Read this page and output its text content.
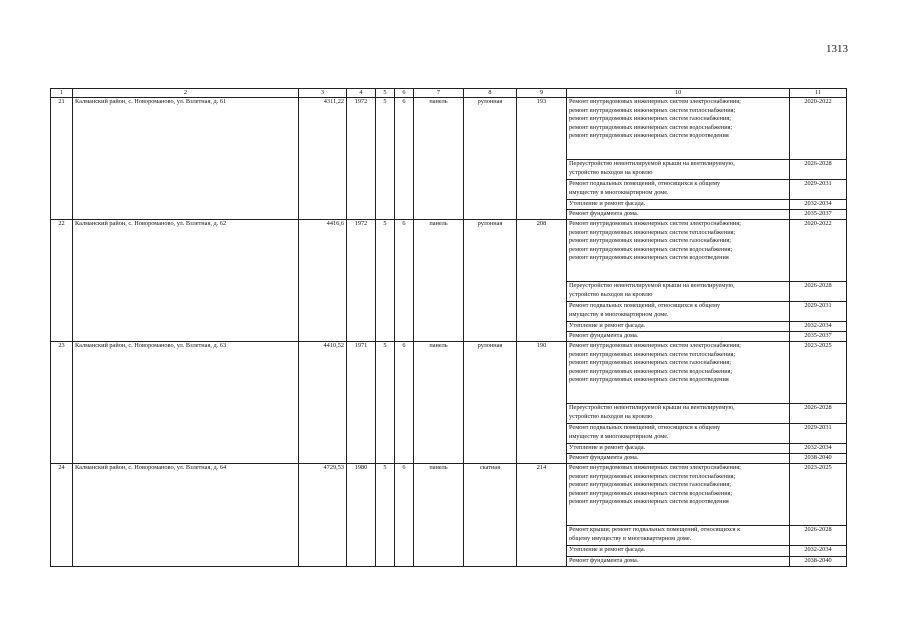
1313
1	2	3	4	5	6	7	8	9	10	11
21	Калманский район, с. Новороманово, ул. Взлетная, д. 61	4311,22	1972	5	6	панель	рулонная	193	Ремонт внутридомовых инженерных систем электроснабжения;
ремонт внутридомовых инженерных систем теплоснабжения;
ремонт внутридомовых инженерных систем газоснабжения;
ремонт внутридомовых инженерных систем водоснабжения;
ремонт внутридомовых инженерных систем водоотведения	2020-2022
									Переустройство невентилируемой крыши на вентилируемую,
устройство выходов на кровлю	2026-2028
									Ремонт подвальных помещений, относящихся к общему
имуществу в многоквартирном доме.	2029-2031
									Утепление и ремонт фасада.	2032-2034
									Ремонт фундамента дома.	2035-2037
22	Калманский район, с. Новороманово, ул. Взлетная, д. 62	4416,6	1972	5	6	панель	рулонная	208	Ремонт внутридомовых инженерных систем электроснабжения;
ремонт внутридомовых инженерных систем теплоснабжения;
ремонт внутридомовых инженерных систем газоснабжения;
ремонт внутридомовых инженерных систем водоснабжения;
ремонт внутридомовых инженерных систем водоотведения	2020-2022
									Переустройство невентилируемой крыши на вентилируемую,
устройство выходов на кровлю	2026-2028
									Ремонт подвальных помещений, относящихся к общему
имуществу в многоквартирном доме.	2029-2031
									Утепление и ремонт фасада.	2032-2034
									Ремонт фундамента дома.	2035-2037
23	Калманский район, с. Новороманово, ул. Взлетная, д. 63	4410,52	1971	5	6	панель	рулонная	190	Ремонт внутридомовых инженерных систем электроснабжения;
ремонт внутридомовых инженерных систем теплоснабжения;
ремонт внутридомовых инженерных систем газоснабжения;
ремонт внутридомовых инженерных систем водоснабжения;
ремонт внутридомовых инженерных систем водоотведения	2023-2025
									Переустройство невентилируемой крыши на вентилируемую,
устройство выходов на кровлю	2026-2028
									Ремонт подвальных помещений, относящихся к общему
имуществу в многоквартирном доме.	2029-2031
									Утепление и ремонт фасада.	2032-2034
									Ремонт фундамента дома.	2038-2040
24	Калманский район, с. Новороманово, ул. Взлетная, д. 64	4729,53	1980	5	6	панель	скатная	214	Ремонт внутридомовых инженерных систем электроснабжения;
ремонт внутридомовых инженерных систем теплоснабжения;
ремонт внутридомовых инженерных систем газоснабжения;
ремонт внутридомовых инженерных систем водоснабжения;
ремонт внутридомовых инженерных систем водоотведения	2023-2025
									Ремонт крыши; ремонт подвальных помещений, относящихся к
общему имуществу в многоквартирном доме.	2026-2028
									Утепление и ремонт фасада.	2032-2034
									Ремонт фундамента дома.	2038-2040
